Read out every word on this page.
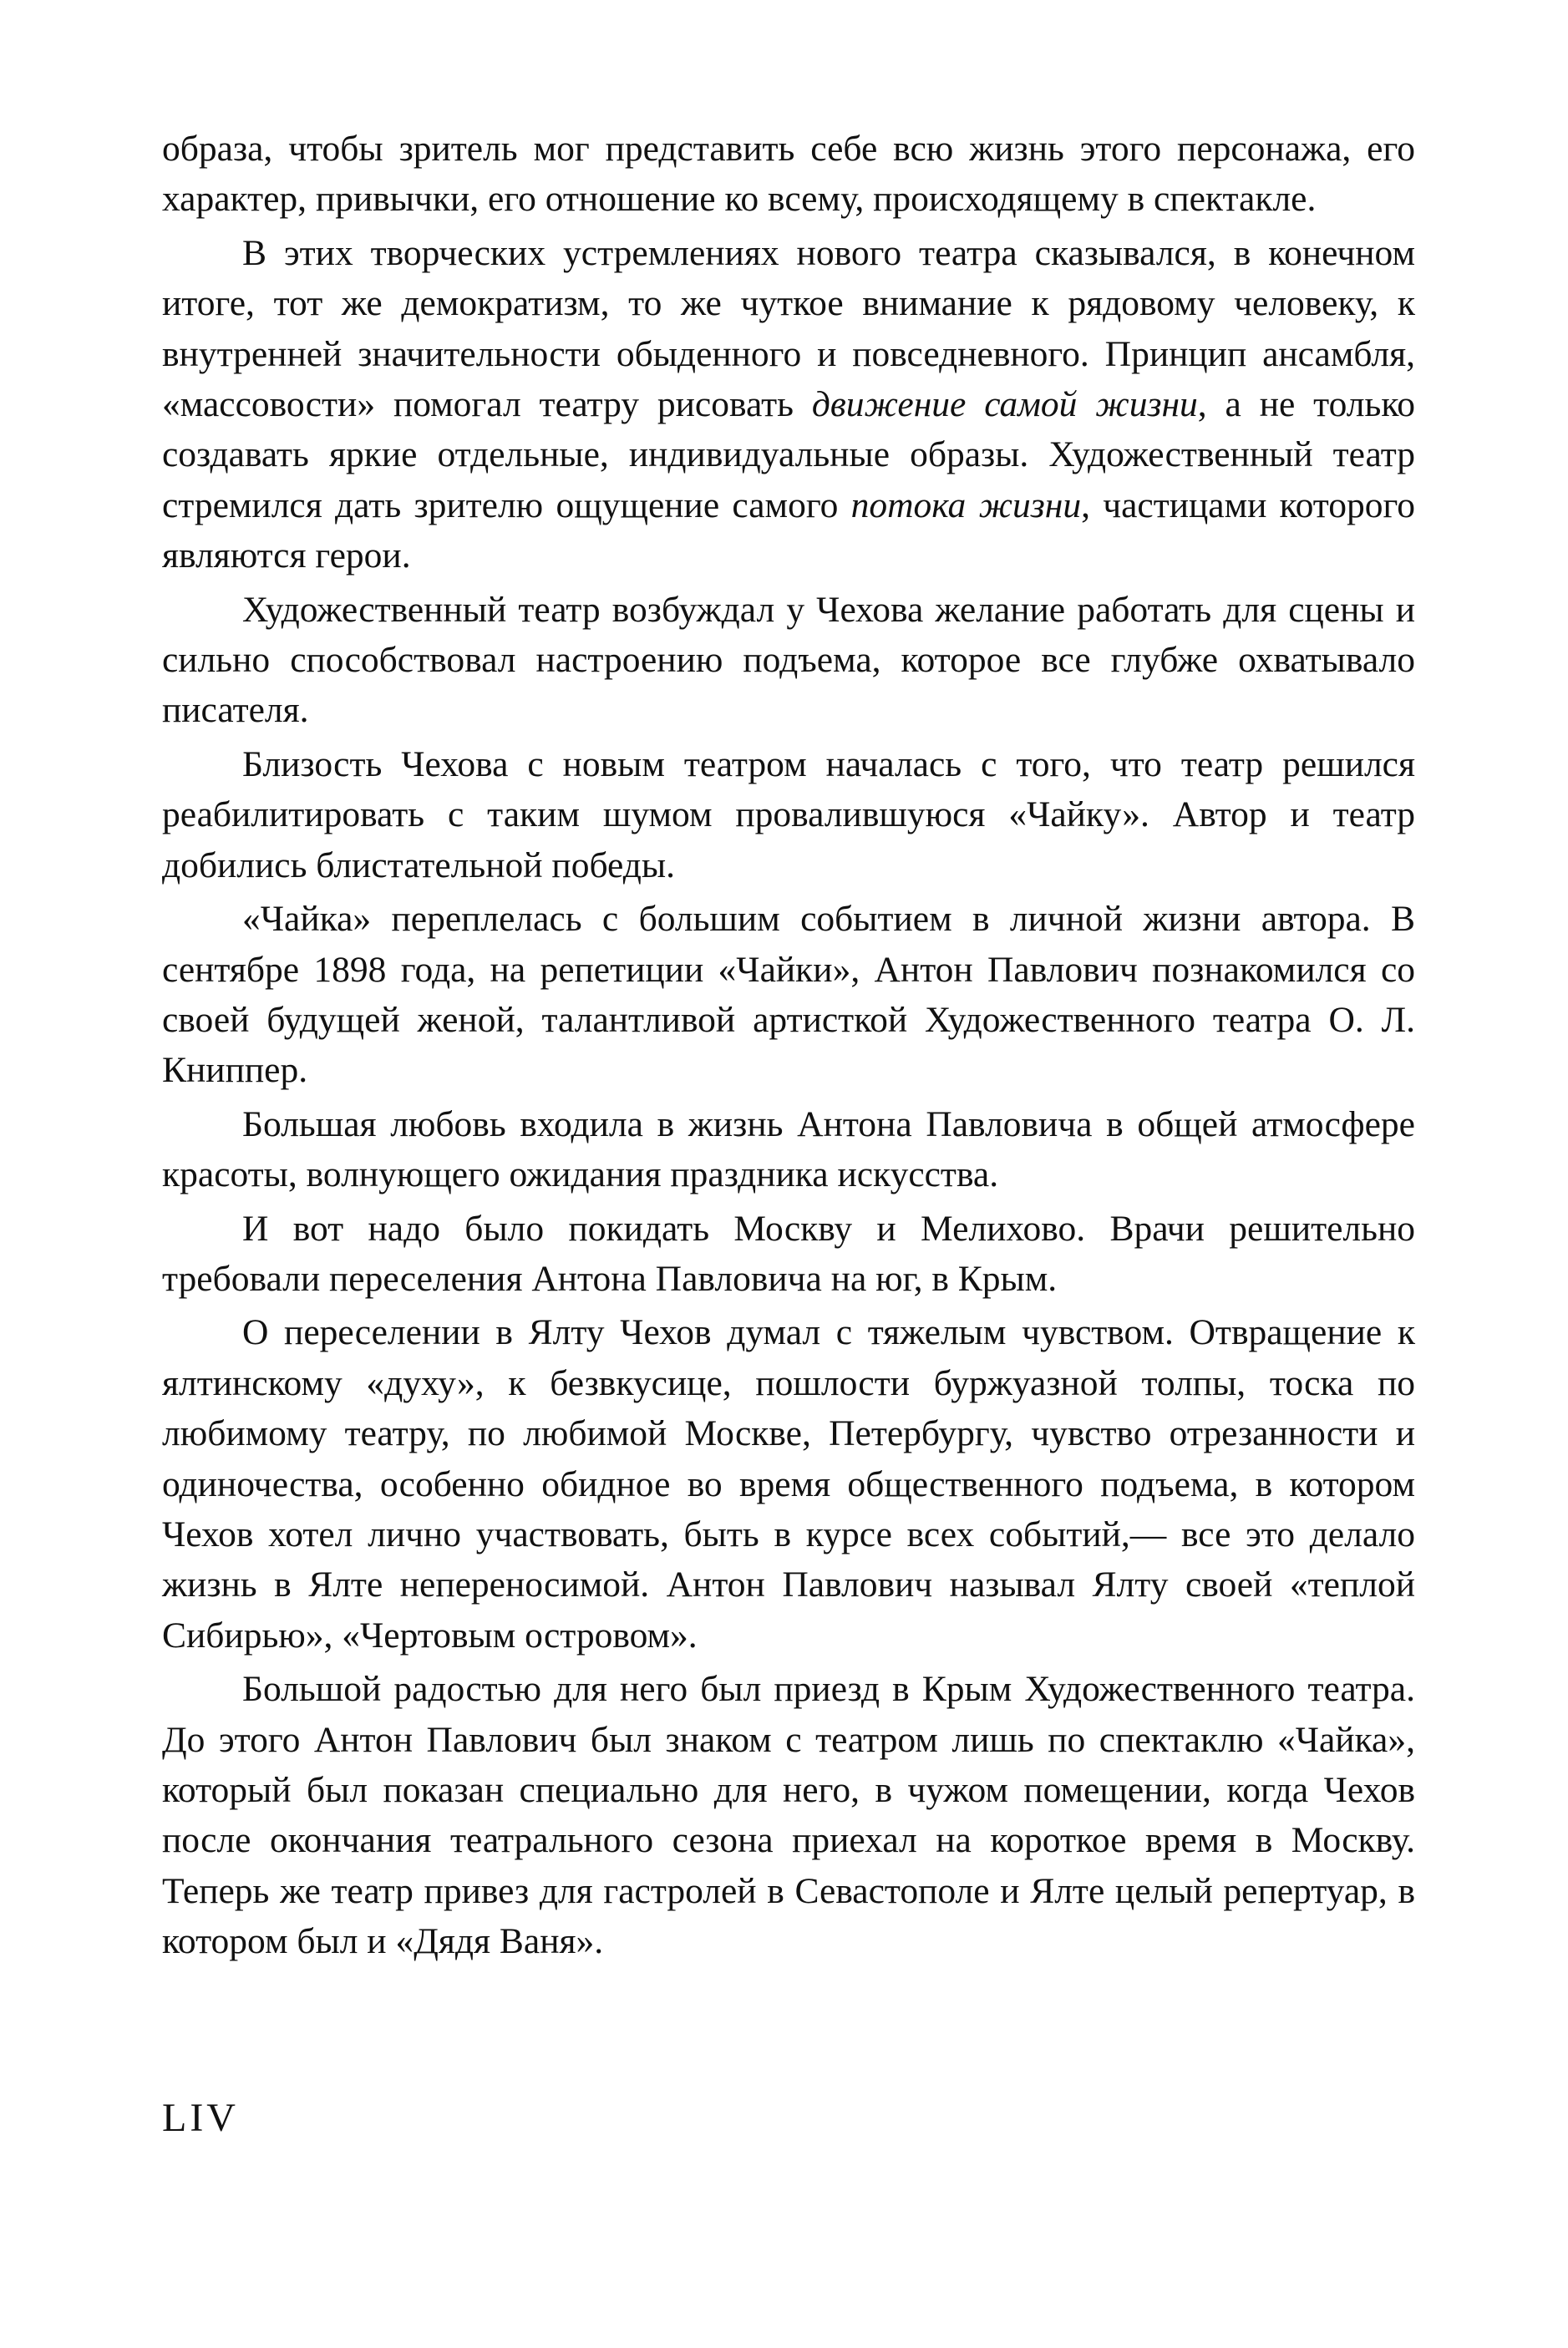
образа, чтобы зритель мог представить себе всю жизнь этого персонажа, его характер, привычки, его отношение ко всему, происходящему в спектакле.

В этих творческих устремлениях нового театра сказывался, в конечном итоге, тот же демократизм, то же чуткое внимание к рядовому человеку, к внутренней значительности обыденного и повседневного. Принцип ансамбля, «массовости» помогал театру рисовать движение самой жизни, а не только создавать яркие отдельные, индивидуальные образы. Художественный театр стремился дать зрителю ощущение самого потока жизни, частицами которого являются герои.

Художественный театр возбуждал у Чехова желание работать для сцены и сильно способствовал настроению подъема, которое все глубже охватывало писателя.

Близость Чехова с новым театром началась с того, что театр решился реабилитировать с таким шумом провалившуюся «Чайку». Автор и театр добились блистательной победы.

«Чайка» переплелась с большим событием в личной жизни автора. В сентябре 1898 года, на репетиции «Чайки», Антон Павлович познакомился со своей будущей женой, талантливой артисткой Художественного театра О. Л. Книппер.

Большая любовь входила в жизнь Антона Павловича в общей атмосфере красоты, волнующего ожидания праздника искусства.

И вот надо было покидать Москву и Мелихово. Врачи решительно требовали переселения Антона Павловича на юг, в Крым.

О переселении в Ялту Чехов думал с тяжелым чувством. Отвращение к ялтинскому «духу», к безвкусице, пошлости буржуазной толпы, тоска по любимому театру, по любимой Москве, Петербургу, чувство отрезанности и одиночества, особенно обидное во время общественного подъема, в котором Чехов хотел лично участвовать, быть в курсе всех событий,— все это делало жизнь в Ялте непереносимой. Антон Павлович называл Ялту своей «теплой Сибирью», «Чертовым островом».

Большой радостью для него был приезд в Крым Художественного театра. До этого Антон Павлович был знаком с театром лишь по спектаклю «Чайка», который был показан специально для него, в чужом помещении, когда Чехов после окончания театрального сезона приехал на короткое время в Москву. Теперь же театр привез для гастролей в Севастополе и Ялте целый репертуар, в котором был и «Дядя Ваня».

LIV
